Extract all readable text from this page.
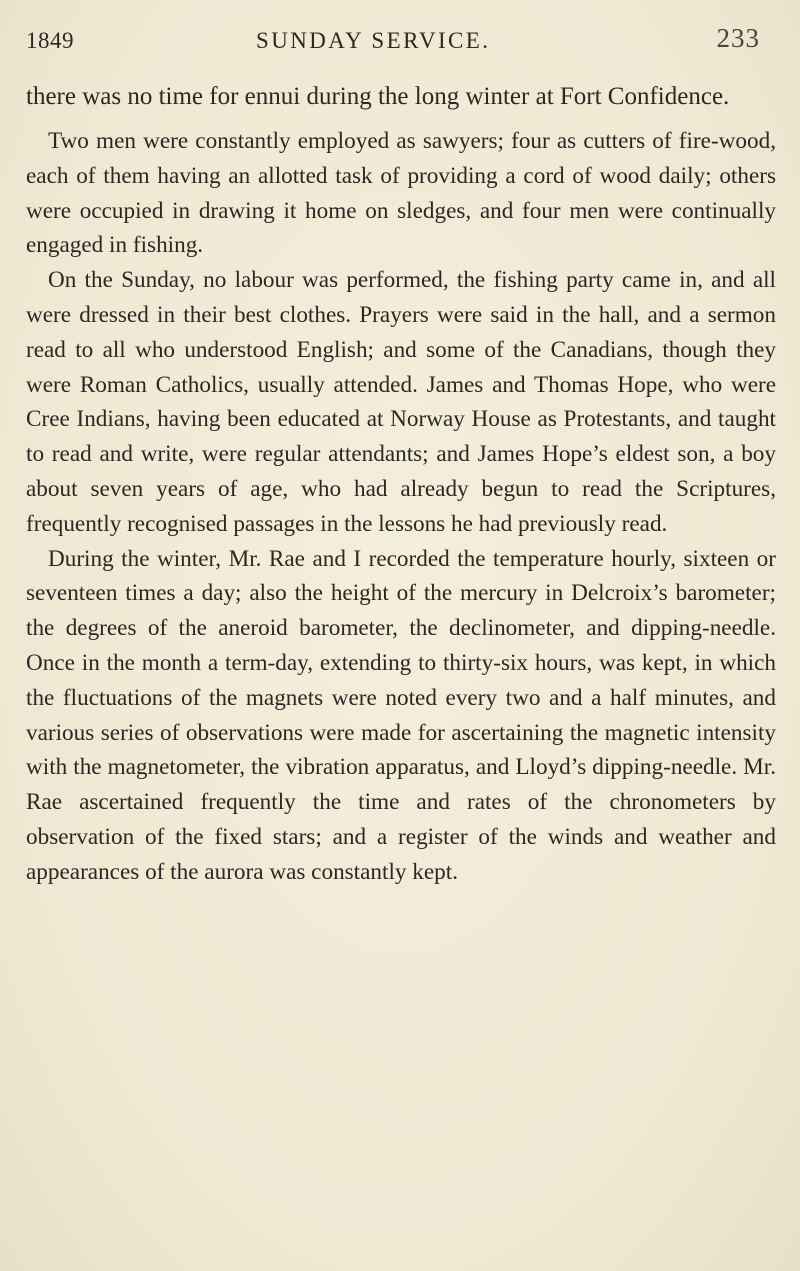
1849	SUNDAY SERVICE.	233

there was no time for ennui during the long winter at Fort Confidence.

Two men were constantly employed as sawyers; four as cutters of fire-wood, each of them having an allotted task of providing a cord of wood daily; others were occupied in drawing it home on sledges, and four men were continually engaged in fishing.

On the Sunday, no labour was performed, the fishing party came in, and all were dressed in their best clothes. Prayers were said in the hall, and a sermon read to all who understood English; and some of the Canadians, though they were Roman Catholics, usually attended. James and Thomas Hope, who were Cree Indians, having been educated at Norway House as Protestants, and taught to read and write, were regular attendants; and James Hope’s eldest son, a boy about seven years of age, who had already begun to read the Scriptures, frequently recognised passages in the lessons he had previously read.

During the winter, Mr. Rae and I recorded the temperature hourly, sixteen or seventeen times a day; also the height of the mercury in Delcroix’s barometer; the degrees of the aneroid barometer, the declinometer, and dipping-needle. Once in the month a term-day, extending to thirty-six hours, was kept, in which the fluctuations of the magnets were noted every two and a half minutes, and various series of observations were made for ascertaining the magnetic intensity with the magnetometer, the vibration apparatus, and Lloyd’s dipping-needle. Mr. Rae ascertained frequently the time and rates of the chronometers by observation of the fixed stars; and a register of the winds and weather and appearances of the aurora was constantly kept.
